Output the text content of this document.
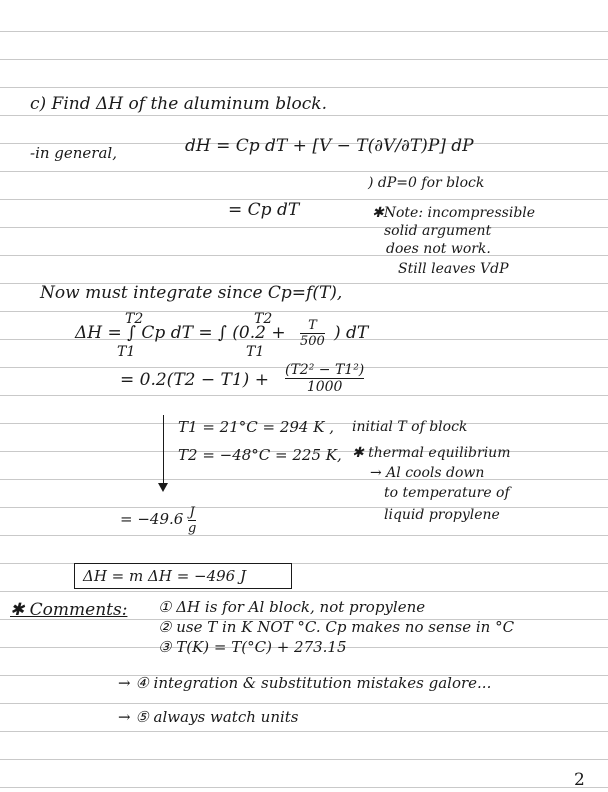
c) Find ΔH of the aluminum block.
-in general,	dH = Cp dT + [V − T(∂V/∂T)P] dP
= Cp dT
) dP=0 for block
✱Note: incompressible
solid argument
does not work.
Still leaves VdP
Now must integrate since Cp=f(T),
ΔH = ∫ Cp dT = ∫ (0.2 + T
500 ) dT
T2
T1
T2
T1
= 0.2(T2 − T1) + (T2² − T1²)
1000
T1 = 21°C = 294 K , initial T of block
T2 = −48°C = 225 K, ✱ thermal equilibrium
→ Al cools down
to temperature of
liquid propylene
= −49.6 J
g
ΔH = m ΔH = −496 J
✱ Comments: ① ΔH is for Al block, not propylene
② use T in K NOT °C. Cp makes no sense in °C
③ T(K) = T(°C) + 273.15
→ ④ integration & substitution mistakes galore...
→ ⑤ always watch units
2
